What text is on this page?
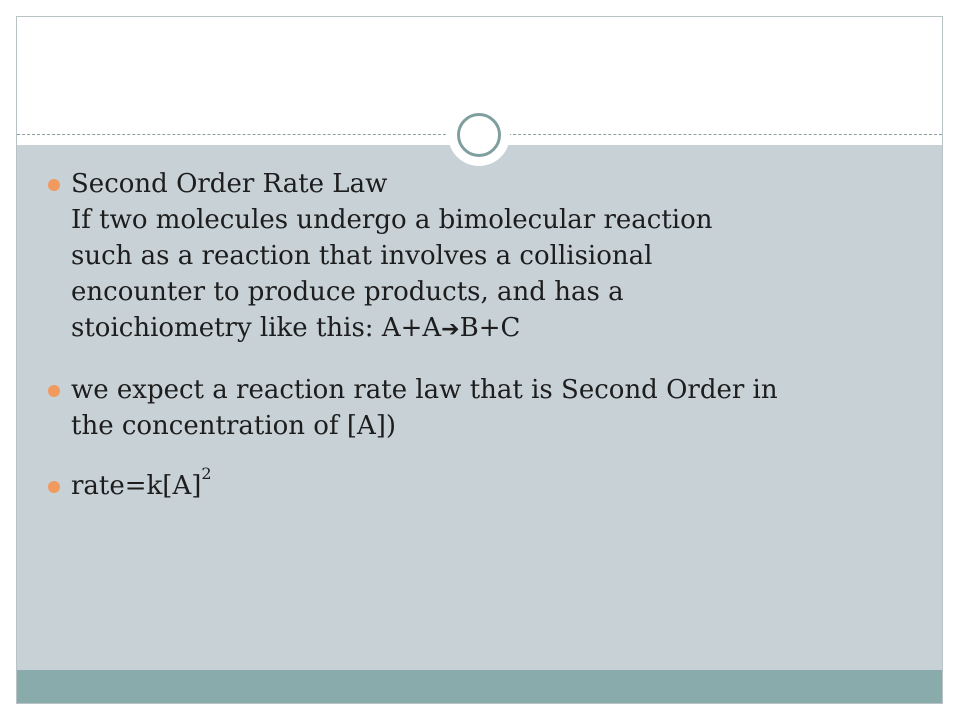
Second Order Rate Law
If two molecules undergo a bimolecular reaction
such as a reaction that involves a collisional
encounter to produce products, and has a
stoichiometry like this: A+A➔B+C
we expect a reaction rate law that is Second Order in
the concentration of [A])
$rate=k[A]^2$
